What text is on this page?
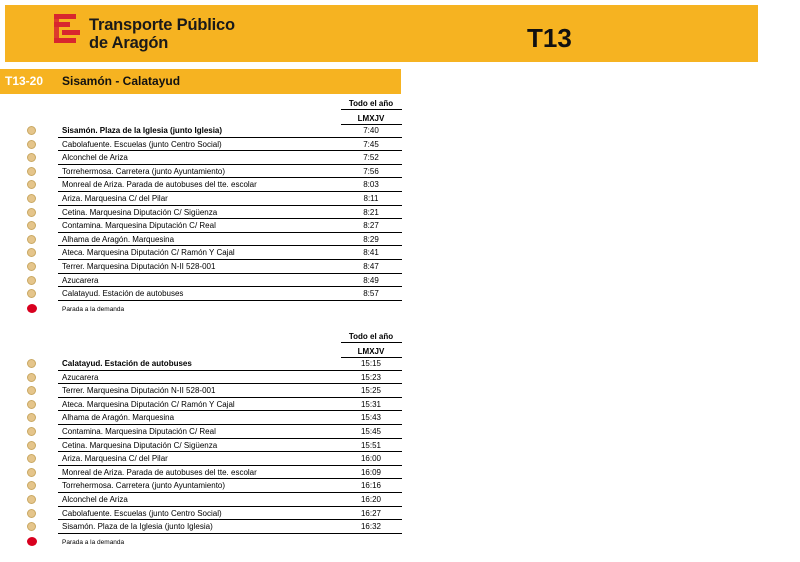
Transporte Público
de Aragón	T13
T13-20 Sisamón - Calatayud
Todo el año
LMXJV
Sisamón. Plaza de la Iglesia (junto Iglesia)	7:40
Cabolafuente. Escuelas (junto Centro Social)	7:45
Alconchel de Ariza	7:52
Torrehermosa. Carretera (junto Ayuntamiento)	7:56
Monreal de Ariza. Parada de autobuses del tte. escolar	8:03
Ariza. Marquesina C/ del Pilar	8:11
Cetina. Marquesina Diputación C/ Sigüenza	8:21
Contamina. Marquesina Diputación C/ Real	8:27
Alhama de Aragón. Marquesina	8:29
Ateca. Marquesina Diputación C/ Ramón Y Cajal	8:41
Terrer. Marquesina Diputación N-II 528-001	8:47
Azucarera	8:49
Calatayud. Estación de autobuses	8:57
Parada a la demanda
Todo el año
LMXJV
Calatayud. Estación de autobuses	15:15
Azucarera	15:23
Terrer. Marquesina Diputación N-II 528-001	15:25
Ateca. Marquesina Diputación C/ Ramón Y Cajal	15:31
Alhama de Aragón. Marquesina	15:43
Contamina. Marquesina Diputación C/ Real	15:45
Cetina. Marquesina Diputación C/ Sigüenza	15:51
Ariza. Marquesina C/ del Pilar	16:00
Monreal de Ariza. Parada de autobuses del tte. escolar	16:09
Torrehermosa. Carretera (junto Ayuntamiento)	16:16
Alconchel de Ariza	16:20
Cabolafuente. Escuelas (junto Centro Social)	16:27
Sisamón. Plaza de la Iglesia (junto Iglesia)	16:32
Parada a la demanda
